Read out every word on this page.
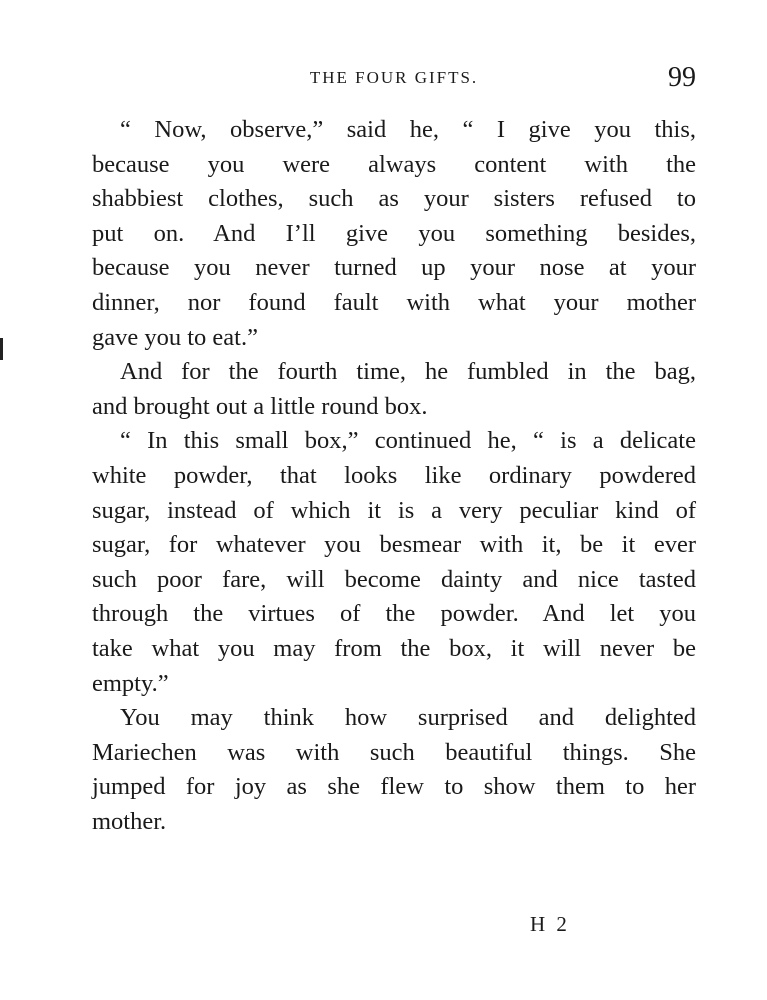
THE FOUR GIFTS.	99
“ Now, observe,” said he, “ I give you this,
because you were always content with the
shabbiest clothes, such as your sisters refused to
put on. And I’ll give you something besides,
because you never turned up your nose at your
dinner, nor found fault with what your mother
gave you to eat.”
And for the fourth time, he fumbled in the bag,
and brought out a little round box.
“ In this small box,” continued he, “ is a delicate
white powder, that looks like ordinary powdered
sugar, instead of which it is a very peculiar kind of
sugar, for whatever you besmear with it, be it ever
such poor fare, will become dainty and nice tasted
through the virtues of the powder. And let you
take what you may from the box, it will never be
empty.”
You may think how surprised and delighted
Mariechen was with such beautiful things. She
jumped for joy as she flew to show them to her
mother.
H 2
